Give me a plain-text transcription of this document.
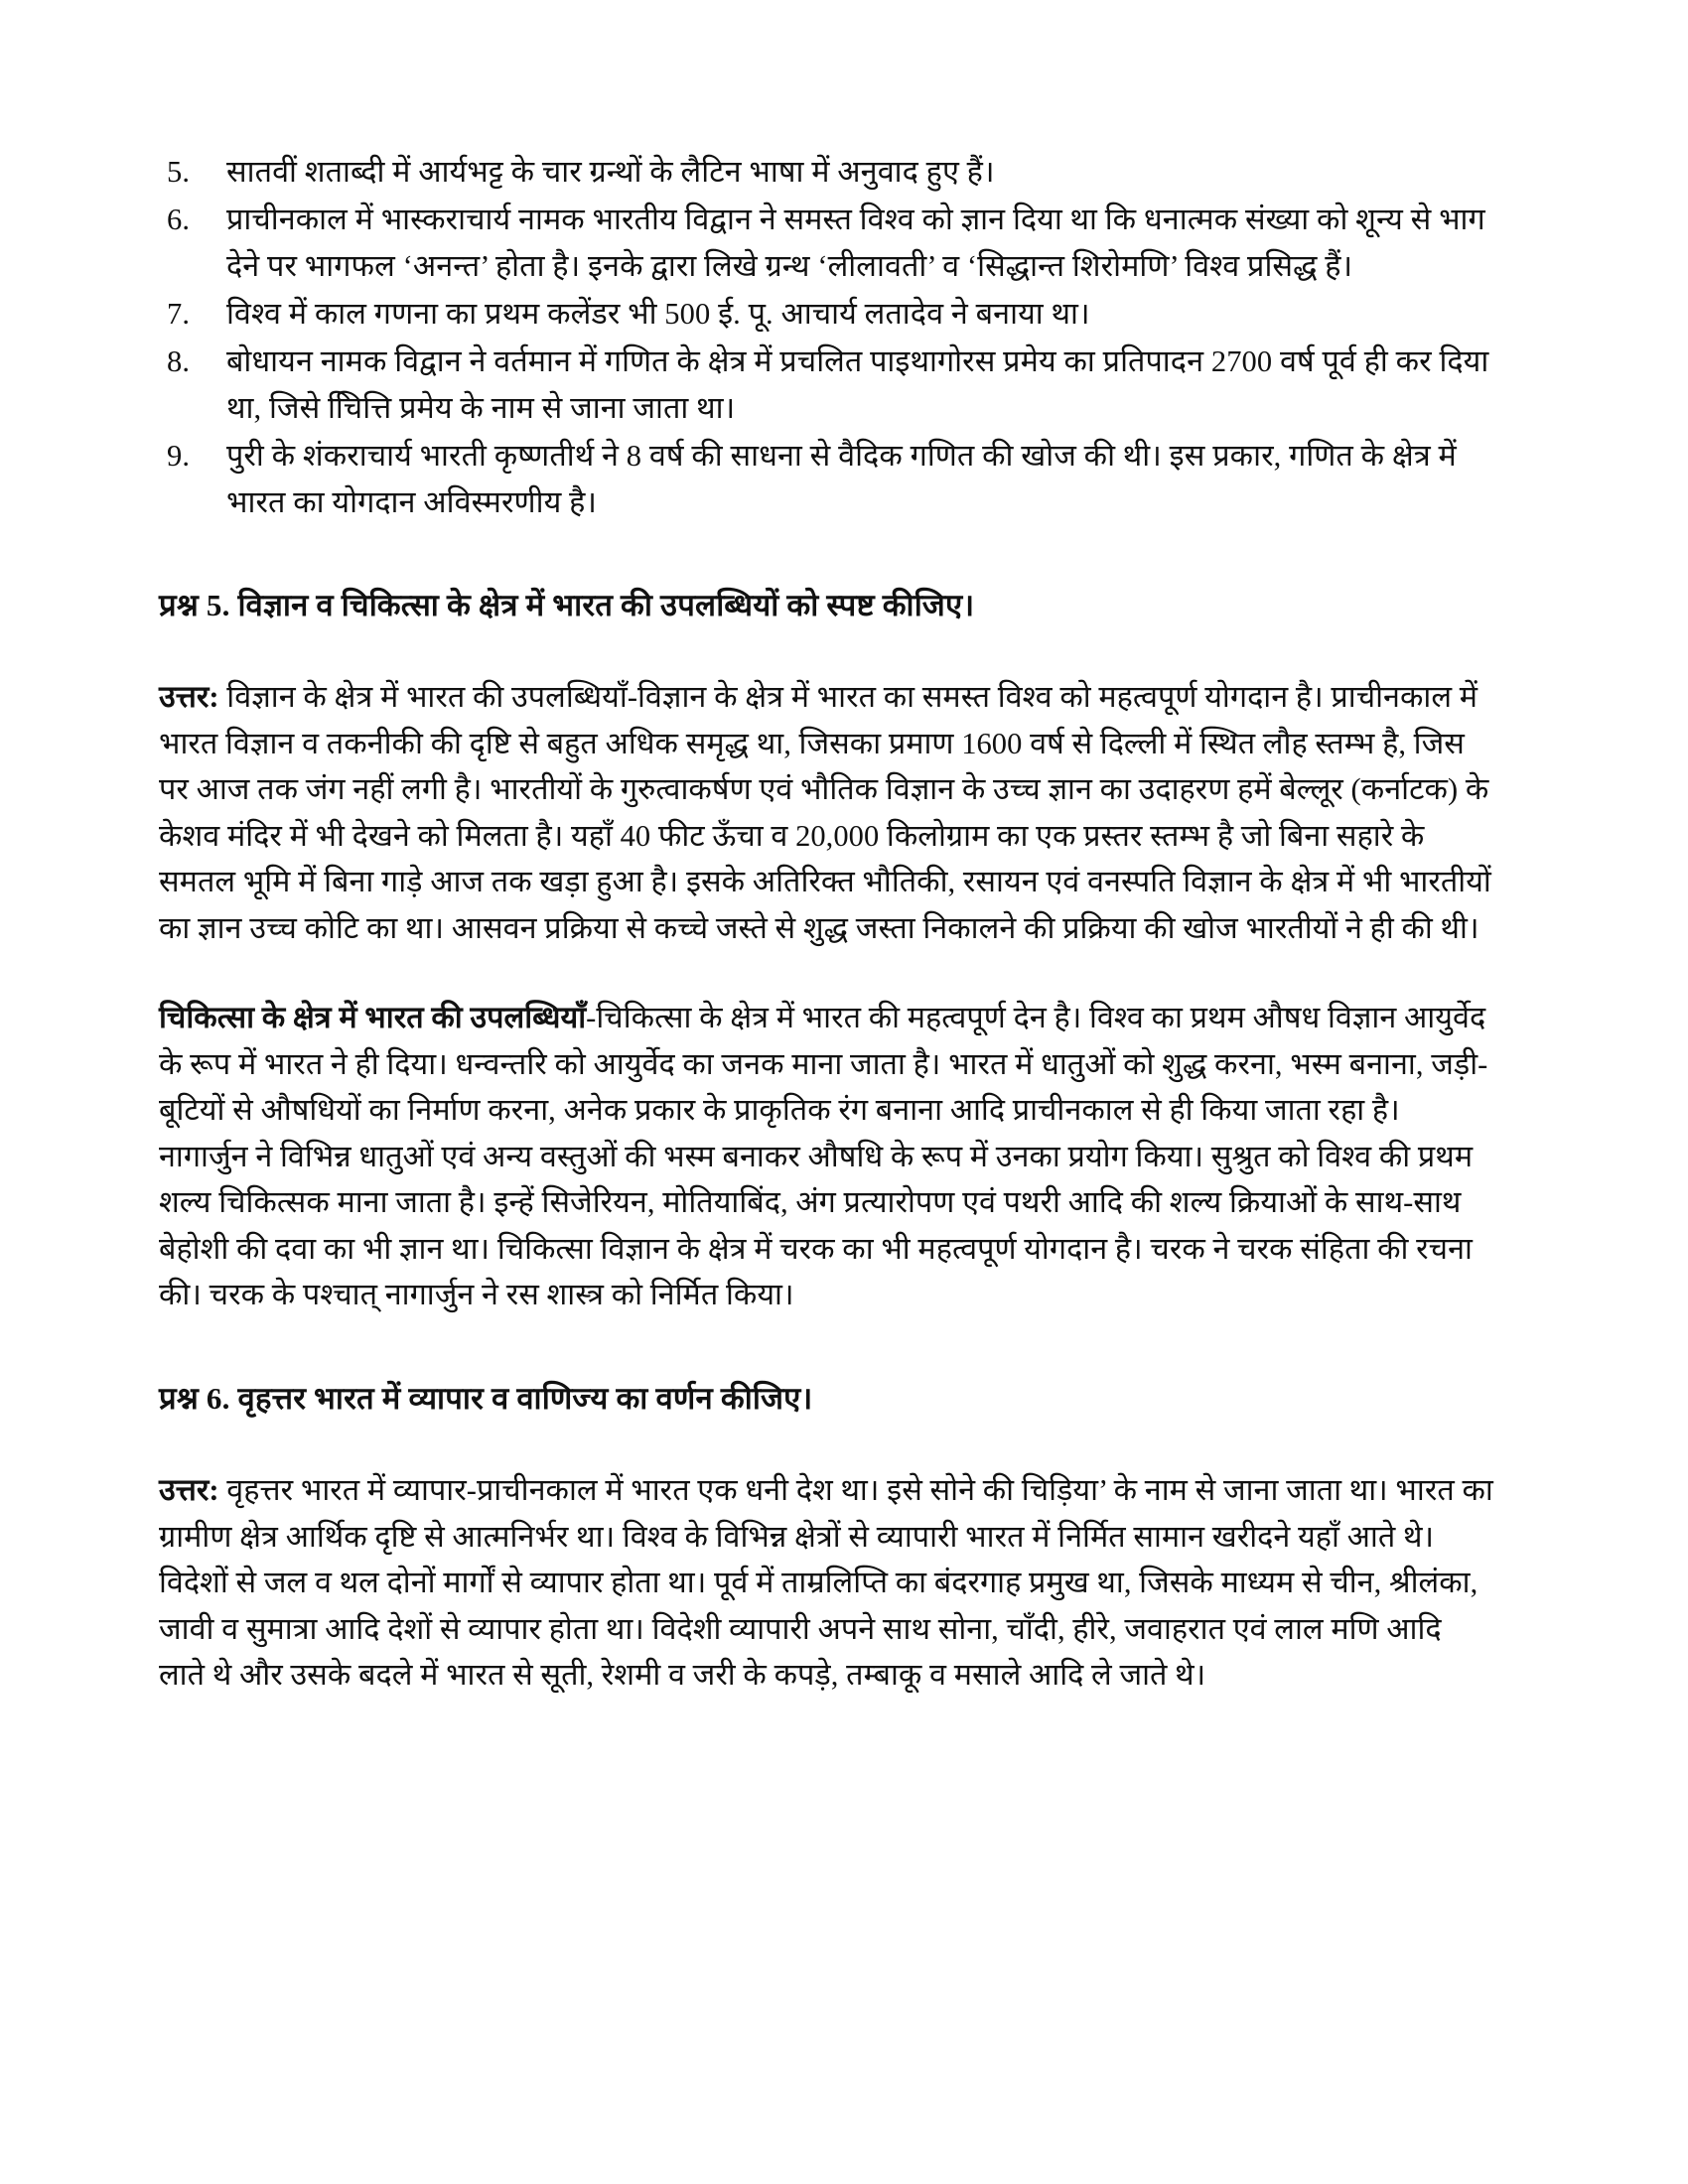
5.	सातवीं शताब्दी में आर्यभट्ट के चार ग्रन्थों के लैटिन भाषा में अनुवाद हुए हैं।
6.	प्राचीनकाल में भास्कराचार्य नामक भारतीय विद्वान ने समस्त विश्व को ज्ञान दिया था कि धनात्मक संख्या को शून्य से भाग देने पर भागफल ‘अनन्त’ होता है। इनके द्वारा लिखे ग्रन्थ ‘लीलावती’ व ‘सिद्धान्त शिरोमणि’ विश्व प्रसिद्ध हैं।
7.	विश्व में काल गणना का प्रथम कलेंडर भी 500 ई. पू. आचार्य लतादेव ने बनाया था।
8.	बोधायन नामक विद्वान ने वर्तमान में गणित के क्षेत्र में प्रचलित पाइथागोरस प्रमेय का प्रतिपादन 2700 वर्ष पूर्व ही कर दिया था, जिसे चिित्ति प्रमेय के नाम से जाना जाता था।
9.	पुरी के शंकराचार्य भारती कृष्णतीर्थ ने 8 वर्ष की साधना से वैदिक गणित की खोज की थी। इस प्रकार, गणित के क्षेत्र में भारत का योगदान अविस्मरणीय है।
प्रश्न 5. विज्ञान व चिकित्सा के क्षेत्र में भारत की उपलब्धियों को स्पष्ट कीजिए।

उत्तर: विज्ञान के क्षेत्र में भारत की उपलब्धियाँ-विज्ञान के क्षेत्र में भारत का समस्त विश्व को महत्वपूर्ण योगदान है। प्राचीनकाल में भारत विज्ञान व तकनीकी की दृष्टि से बहुत अधिक समृद्ध था, जिसका प्रमाण 1600 वर्ष से दिल्ली में स्थित लौह स्तम्भ है, जिस पर आज तक जंग नहीं लगी है। भारतीयों के गुरुत्वाकर्षण एवं भौतिक विज्ञान के उच्च ज्ञान का उदाहरण हमें बेल्लूर (कर्नाटक) के केशव मंदिर में भी देखने को मिलता है। यहाँ 40 फीट ऊँचा व 20,000 किलोग्राम का एक प्रस्तर स्तम्भ है जो बिना सहारे के समतल भूमि में बिना गाड़े आज तक खड़ा हुआ है। इसके अतिरिक्त भौतिकी, रसायन एवं वनस्पति विज्ञान के क्षेत्र में भी भारतीयों का ज्ञान उच्च कोटि का था। आसवन प्रक्रिया से कच्चे जस्ते से शुद्ध जस्ता निकालने की प्रक्रिया की खोज भारतीयों ने ही की थी।

चिकित्सा के क्षेत्र में भारत की उपलब्धियाँ-चिकित्सा के क्षेत्र में भारत की महत्वपूर्ण देन है। विश्व का प्रथम औषध विज्ञान आयुर्वेद के रूप में भारत ने ही दिया। धन्वन्तरि को आयुर्वेद का जनक माना जाता है। भारत में धातुओं को शुद्ध करना, भस्म बनाना, जड़ी-बूटियों से औषधियों का निर्माण करना, अनेक प्रकार के प्राकृतिक रंग बनाना आदि प्राचीनकाल से ही किया जाता रहा है। नागार्जुन ने विभिन्न धातुओं एवं अन्य वस्तुओं की भस्म बनाकर औषधि के रूप में उनका प्रयोग किया। सुश्रुत को विश्व की प्रथम शल्य चिकित्सक माना जाता है। इन्हें सिजेरियन, मोतियाबिंद, अंग प्रत्यारोपण एवं पथरी आदि की शल्य क्रियाओं के साथ-साथ बेहोशी की दवा का भी ज्ञान था। चिकित्सा विज्ञान के क्षेत्र में चरक का भी महत्वपूर्ण योगदान है। चरक ने चरक संहिता की रचना की। चरक के पश्चात् नागार्जुन ने रस शास्त्र को निर्मित किया।

प्रश्न 6. वृहत्तर भारत में व्यापार व वाणिज्य का वर्णन कीजिए।

उत्तर: वृहत्तर भारत में व्यापार-प्राचीनकाल में भारत एक धनी देश था। इसे सोने की चिड़िया’ के नाम से जाना जाता था। भारत का ग्रामीण क्षेत्र आर्थिक दृष्टि से आत्मनिर्भर था। विश्व के विभिन्न क्षेत्रों से व्यापारी भारत में निर्मित सामान खरीदने यहाँ आते थे। विदेशों से जल व थल दोनों मार्गों से व्यापार होता था। पूर्व में ताम्रलिप्ति का बंदरगाह प्रमुख था, जिसके माध्यम से चीन, श्रीलंका, जावी व सुमात्रा आदि देशों से व्यापार होता था। विदेशी व्यापारी अपने साथ सोना, चाँदी, हीरे, जवाहरात एवं लाल मणि आदि लाते थे और उसके बदले में भारत से सूती, रेशमी व जरी के कपड़े, तम्बाकू व मसाले आदि ले जाते थे।
